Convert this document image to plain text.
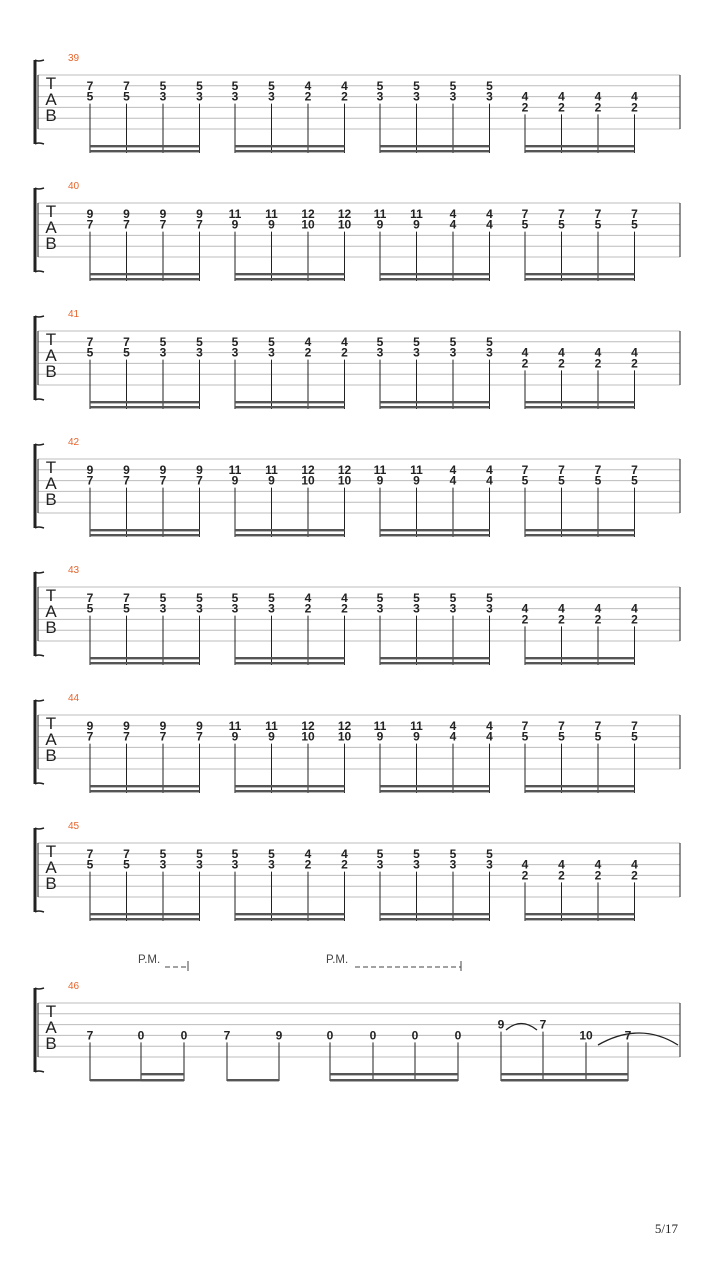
T
A
B
39
7
5
7
5
5
3
5
3
5
3
5
3
4
2
4
2
5
3
5
3
5
3
5
3 4
2
4
2
4
2
4
2
T
A
B
40
9
7
9
7
9
7
9
7
11
9
11
9
12
10
12
10
11
9
11
9
4
4
4
4
7
5
7
5
7
5
7
5
T
A
B
41
7
5
7
5
5
3
5
3
5
3
5
3
4
2
4
2
5
3
5
3
5
3
5
3 4
2
4
2
4
2
4
2
T
A
B
42
9
7
9
7
9
7
9
7
11
9
11
9
12
10
12
10
11
9
11
9
4
4
4
4
7
5
7
5
7
5
7
5
T
A
B
43
7
5
7
5
5
3
5
3
5
3
5
3
4
2
4
2
5
3
5
3
5
3
5
3 4
2
4
2
4
2
4
2
T
A
B
44
9
7
9
7
9
7
9
7
11
9
11
9
12
10
12
10
11
9
11
9
4
4
4
4
7
5
7
5
7
5
7
5
T
A
B
45
7
5
7
5
5
3
5
3
5
3
5
3
4
2
4
2
5
3
5
3
5
3
5
3 4
2
4
2
4
2
4
2
T
A
B
46
7	0	0	7	9	0	0	0	0
9	7
10	7
P.M.	P.M.
5/17
